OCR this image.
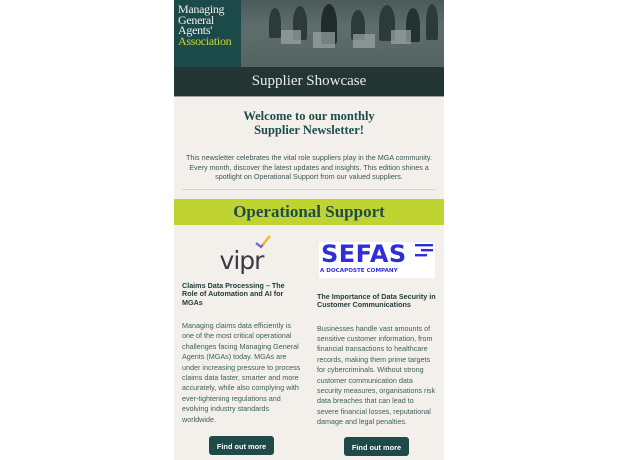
Managing
General
Agents'
Association
Supplier Showcase
Welcome to our monthly
Supplier Newsletter!

This newsletter celebrates the vital role suppliers play in the MGA community. Every month, discover the latest updates and insights. This edition shines a spotlight on Operational Support from our valued suppliers.

Operational Support
vipr
Claims Data Processing – The Role of Automation and AI for MGAs
Managing claims data efficiently is one of the most critical operational challenges facing Managing General Agents (MGAs) today. MGAs are under increasing pressure to process claims data faster, smarter and more accurately, while also complying with ever-tightening regulations and evolving industry standards worldwide.
Find out more
SEFAS
A DOCAPOSTE COMPANY
The Importance of Data Security in Customer Communications
Businesses handle vast amounts of sensitive customer information, from financial transactions to healthcare records, making them prime targets for cybercriminals. Without strong customer communication data security measures, organisations risk data breaches that can lead to severe financial losses, reputational damage and legal penalties.
Find out more
